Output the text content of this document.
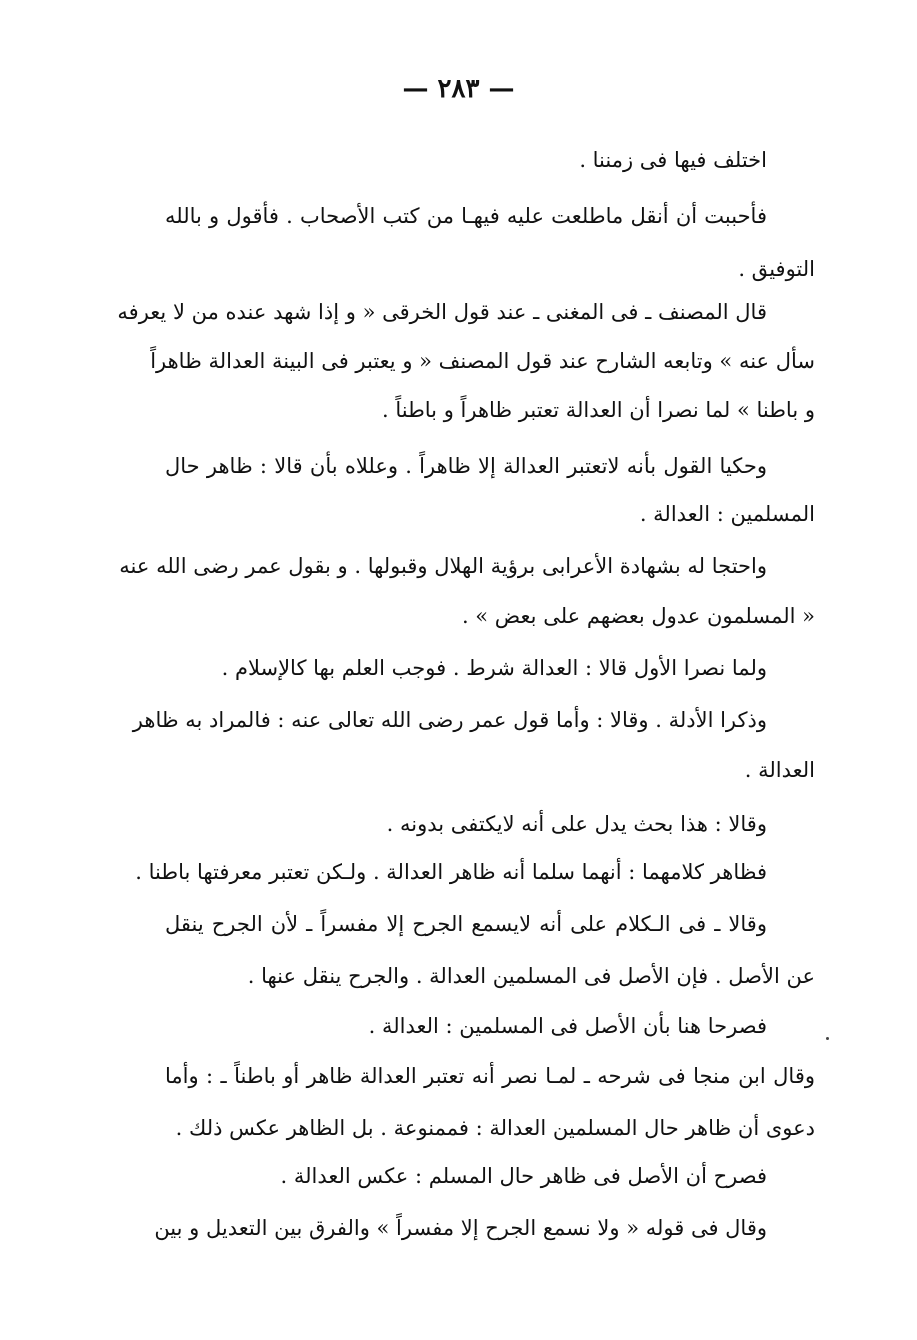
— ٢٨٣ —
اختلف فيها فى زمننا .
فأحببت أن أنقل ماطلعت عليه فيهـا من كتب الأصحاب . فأقول و بالله
التوفيق .
قال المصنف ـ فى المغنى ـ عند قول الخرقى « و إذا شهد عنده من لا يعرفه
سأل عنه » وتابعه الشارح عند قول المصنف « و يعتبر فى البينة العدالة ظاهراً
و باطنا » لما نصرا أن العدالة تعتبر ظاهراً و باطناً .
وحكيا القول بأنه لاتعتبر العدالة إلا ظاهراً . وعللاه بأن قالا : ظاهر حال
المسلمين : العدالة .
واحتجا له بشهادة الأعرابى برؤية الهلال وقبولها . و بقول عمر رضى الله عنه
« المسلمون عدول بعضهم على بعض » .
ولما نصرا الأول قالا : العدالة شرط . فوجب العلم بها كالإسلام .
وذكرا الأدلة . وقالا : وأما قول عمر رضى الله تعالى عنه : فالمراد به ظاهر
العدالة .
وقالا : هذا بحث يدل على أنه لايكتفى بدونه .
فظاهر كلامهما : أنهما سلما أنه ظاهر العدالة . ولـكن تعتبر معرفتها باطنا .
وقالا ـ فى الـكلام على أنه لايسمع الجرح إلا مفسراً ـ لأن الجرح ينقل
عن الأصل . فإن الأصل فى المسلمين العدالة . والجرح ينقل عنها .
فصرحا هنا بأن الأصل فى المسلمين : العدالة .
وقال ابن منجا فى شرحه ـ لمـا نصر أنه تعتبر العدالة ظاهر أو باطناً ـ : وأما
دعوى أن ظاهر حال المسلمين العدالة : فممنوعة . بل الظاهر عكس ذلك .
فصرح أن الأصل فى ظاهر حال المسلم : عكس العدالة .
وقال فى قوله « ولا نسمع الجرح إلا مفسراً » والفرق بين التعديل و بين
